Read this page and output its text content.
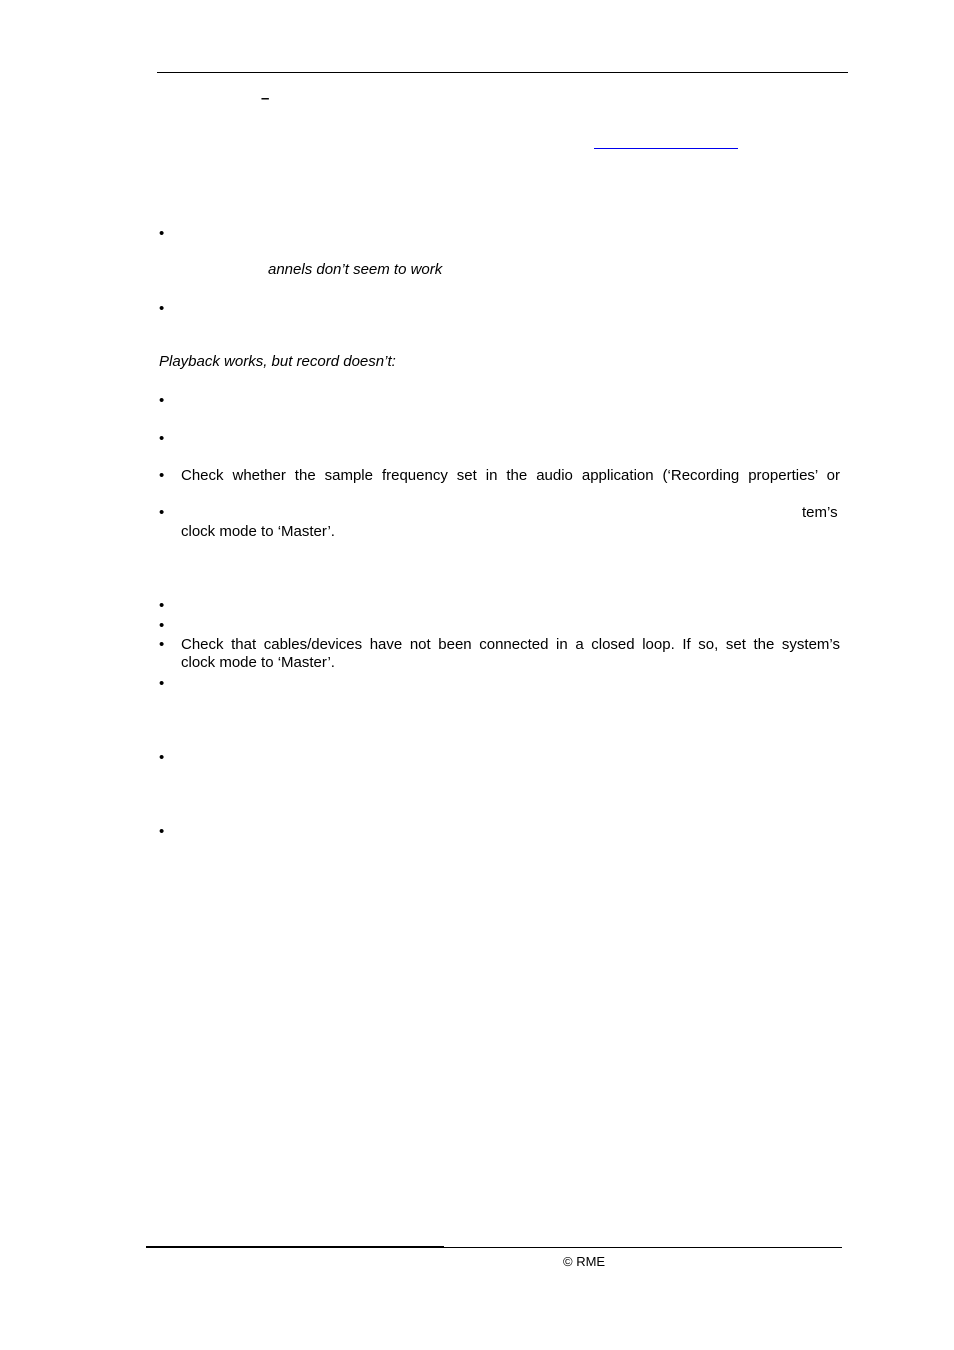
–
•
annels don’t seem to work
•
Playback works, but record doesn’t:
•
•
• Check whether the sample frequency set in the audio application (‘Recording properties’ or
•	tem’s
clock mode to ‘Master’.
•
•
• Check that cables/devices have not been connected in a closed loop. If so, set the system’s
clock mode to ‘Master’.
•
•
•
© RME
